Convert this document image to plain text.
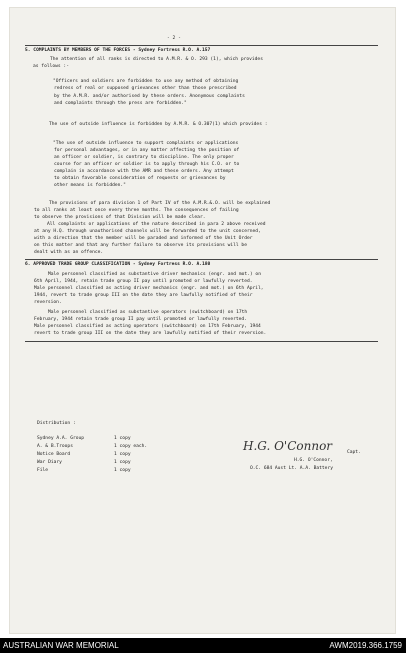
- 2 -
5. COMPLAINTS BY MEMBERS OF THE FORCES - Sydney Fortress R.O. A.157
The attention of all ranks is directed to A.M.R. & O. 293 (1), which provides
as follows :-
"Officers and soldiers are forbidden to use any method of obtaining
redress of real or supposed grievances other than those prescribed
by the A.M.R. and/or authorised by these orders. Anonymous complaints
and complaints through the press are forbidden."
The use of outside influence is forbidden by A.M.R. & O.307(1) which provides :
"The use of outside influence to support complaints or applications
for personal advantages, or in any matter affecting the position of
an officer or soldier, is contrary to discipline. The only proper
course for an officer or soldier is to apply through his C.O. or to
complain in accordance with the AMR and these orders. Any attempt
to obtain favorable consideration of requests or grievances by
other means is forbidden."
The provisions of para division 1 of Part IV of the A.M.R.&.O. will be explained
to all ranks at least once every three months. The consequences of failing
to observe the provisions of that Division will be made clear.
All complaints or applications of the nature described in para 2 above received
at any H.Q. through unauthorised channels will be forwarded to the unit concerned,
with a direction that the member will be paraded and informed of the Unit Order
on this matter and that any further failure to observe its provisions will be
dealt with as an offence.
6. APPROVED TRADE GROUP CLASSIFICATION - Sydney Fortress R.O. A.180
Male personnel classified as substantive driver mechanics (engr. and mot.) on
6th April, 1944, retain trade group II pay until promoted or lawfully reverted.
Male personnel classified as acting driver mechanics (engr. and mot.) on 6th April,
1944, revert to trade group III on the date they are lawfully notified of their
reversion.
Male personnel classified as substantive operators (switchboard) on 17th
February, 1944 retain trade group II pay until promoted or lawfully reverted.
Male personnel classified as acting operators (switchboard) on 17th February, 1944
revert to trade group III on the date they are lawfully notified of their reversion.
Distribution :
Sydney A.A. Group	1 copy
A. & B.Troops	1 copy each.
Notice Board	1 copy
War Diary	1 copy
File	1 copy
Capt.
H.G. O'Connor,
O.C. 684 Aust Lt. A.A. Battery
H.G. O'Connor
AUSTRALIAN WAR MEMORIAL	AWM2019.366.1759
